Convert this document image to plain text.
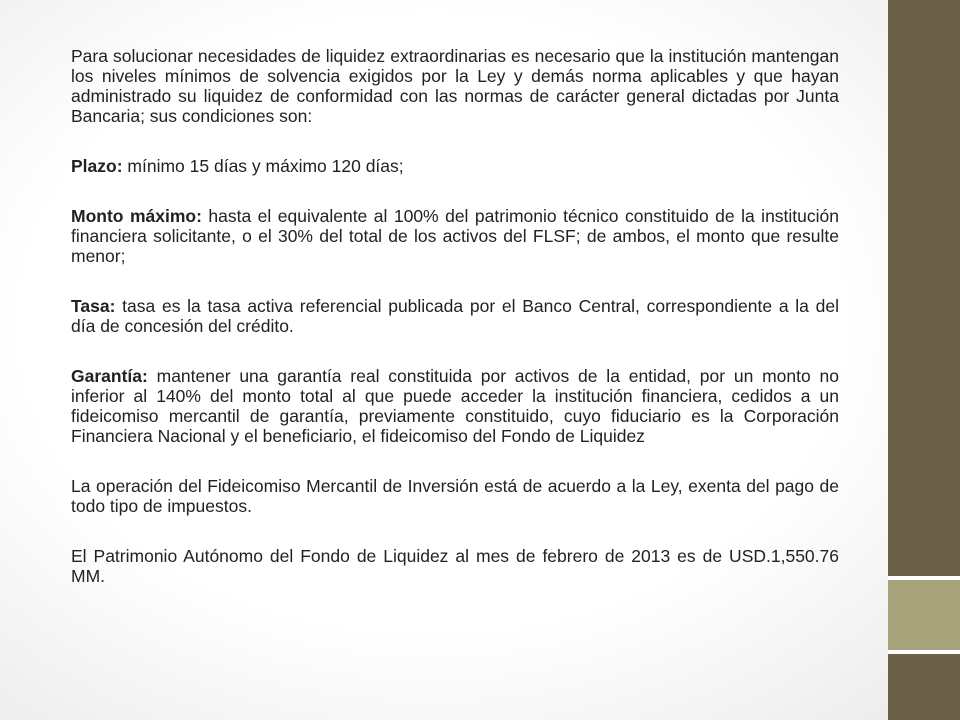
Para solucionar necesidades de liquidez extraordinarias es necesario que la institución mantengan los niveles mínimos de solvencia exigidos por la Ley y demás norma aplicables y que hayan administrado su liquidez de conformidad con las normas de carácter general dictadas por Junta Bancaria; sus condiciones son:

Plazo: mínimo 15 días y máximo 120 días;

Monto máximo: hasta el equivalente al 100% del patrimonio técnico constituido de la institución financiera solicitante, o el 30% del total de los activos del FLSF; de ambos, el monto que resulte menor;

Tasa: tasa es la tasa activa referencial publicada por el Banco Central, correspondiente a la del día de concesión del crédito.

Garantía: mantener una garantía real constituida por activos de la entidad, por un monto no inferior al 140% del monto total al que puede acceder la institución financiera, cedidos a un fideicomiso mercantil de garantía, previamente constituido, cuyo fiduciario es la Corporación Financiera Nacional y el beneficiario, el fideicomiso del Fondo de Liquidez

La operación del Fideicomiso Mercantil de Inversión está de acuerdo a la Ley, exenta del pago de todo tipo de impuestos.

El Patrimonio Autónomo del Fondo de Liquidez al mes de febrero de 2013 es de USD.1,550.76 MM.
